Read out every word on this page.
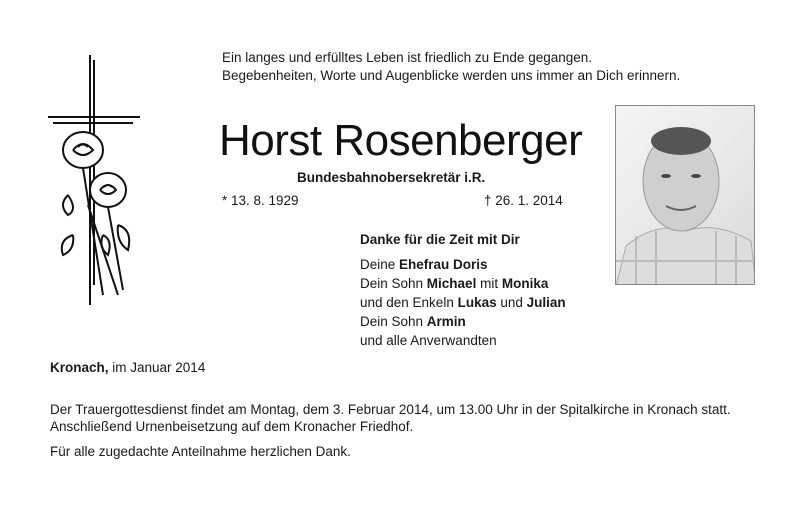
Ein langes und erfülltes Leben ist friedlich zu Ende gegangen.
Begebenheiten, Worte und Augenblicke werden uns immer an Dich erinnern.
Horst Rosenberger
Bundesbahnobersekretär i.R.
* 13. 8. 1929	† 26. 1. 2014
Danke für die Zeit mit Dir
Deine Ehefrau Doris
Dein Sohn Michael mit Monika
und den Enkeln Lukas und Julian
Dein Sohn Armin
und alle Anverwandten
Kronach, im Januar 2014
Der Trauergottesdienst findet am Montag, dem 3. Februar 2014, um 13.00 Uhr in der Spitalkirche in Kronach statt.
Anschließend Urnenbeisetzung auf dem Kronacher Friedhof.
Für alle zugedachte Anteilnahme herzlichen Dank.
